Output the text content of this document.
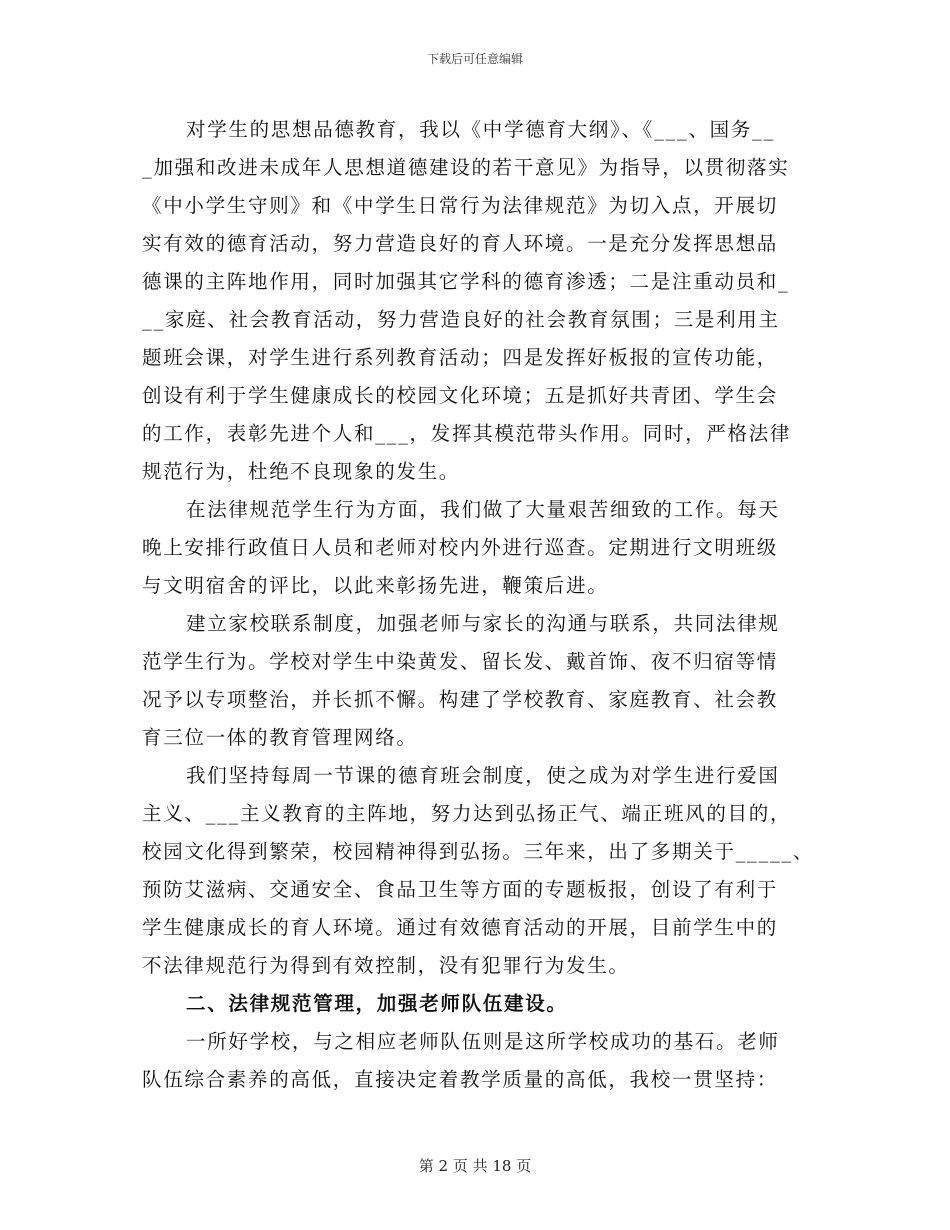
下载后可任意编辑
对学生的思想品德教育，我以《中学德育大纲》、《___、国务__
_加强和改进未成年人思想道德建设的若干意见》为指导，以贯彻落实
《中小学生守则》和《中学生日常行为法律规范》为切入点，开展切
实有效的德育活动，努力营造良好的育人环境。一是充分发挥思想品
德课的主阵地作用，同时加强其它学科的德育渗透；二是注重动员和_
__家庭、社会教育活动，努力营造良好的社会教育氛围；三是利用主
题班会课，对学生进行系列教育活动；四是发挥好板报的宣传功能，
创设有利于学生健康成长的校园文化环境；五是抓好共青团、学生会
的工作，表彰先进个人和___，发挥其模范带头作用。同时，严格法律
规范行为，杜绝不良现象的发生。
在法律规范学生行为方面，我们做了大量艰苦细致的工作。每天
晚上安排行政值日人员和老师对校内外进行巡查。定期进行文明班级
与文明宿舍的评比，以此来彰扬先进，鞭策后进。
建立家校联系制度，加强老师与家长的沟通与联系，共同法律规
范学生行为。学校对学生中染黄发、留长发、戴首饰、夜不归宿等情
况予以专项整治，并长抓不懈。构建了学校教育、家庭教育、社会教
育三位一体的教育管理网络。
我们坚持每周一节课的德育班会制度，使之成为对学生进行爱国
主义、___主义教育的主阵地，努力达到弘扬正气、端正班风的目的，
校园文化得到繁荣，校园精神得到弘扬。三年来，出了多期关于_____、
预防艾滋病、交通安全、食品卫生等方面的专题板报，创设了有利于
学生健康成长的育人环境。通过有效德育活动的开展，目前学生中的
不法律规范行为得到有效控制，没有犯罪行为发生。
二、法律规范管理，加强老师队伍建设。
一所好学校，与之相应老师队伍则是这所学校成功的基石。老师
队伍综合素养的高低，直接决定着教学质量的高低，我校一贯坚持：
第 2 页 共 18 页
